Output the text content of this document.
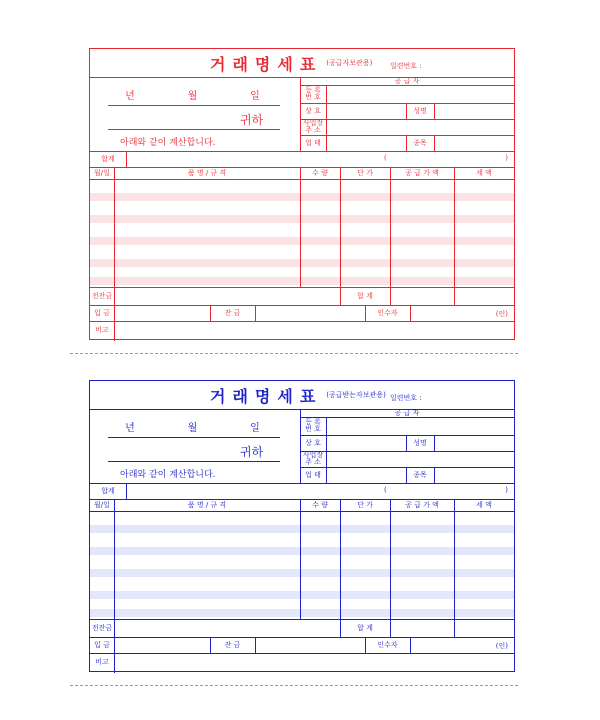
거래명세표 (공급자보관용)	일련번호 :
년	월	일
귀하
아래와 같이 계산합니다.
공 급 자
등 록
번 호
상 호	성명
사업장
주 소
업 태	종목
합계	(	)
월/일	품 명 / 규 격	수 량	단 가	공 급 가 액	세 액
전잔금	합 계
입 금	잔 금	인수자	(인)
비고
거래명세표 (공급받는자보관용) 일련번호 :
년	월	일
귀하
아래와 같이 계산합니다.
공 급 자
등 록
번 호
상 호	성명
사업장
주 소
업 태	종목
합계	(	)
월/일	품 명 / 규 격	수 량	단 가	공 급 가 액	세 액
전잔금	합 계
입 금	잔 금	인수자	(인)
비고
